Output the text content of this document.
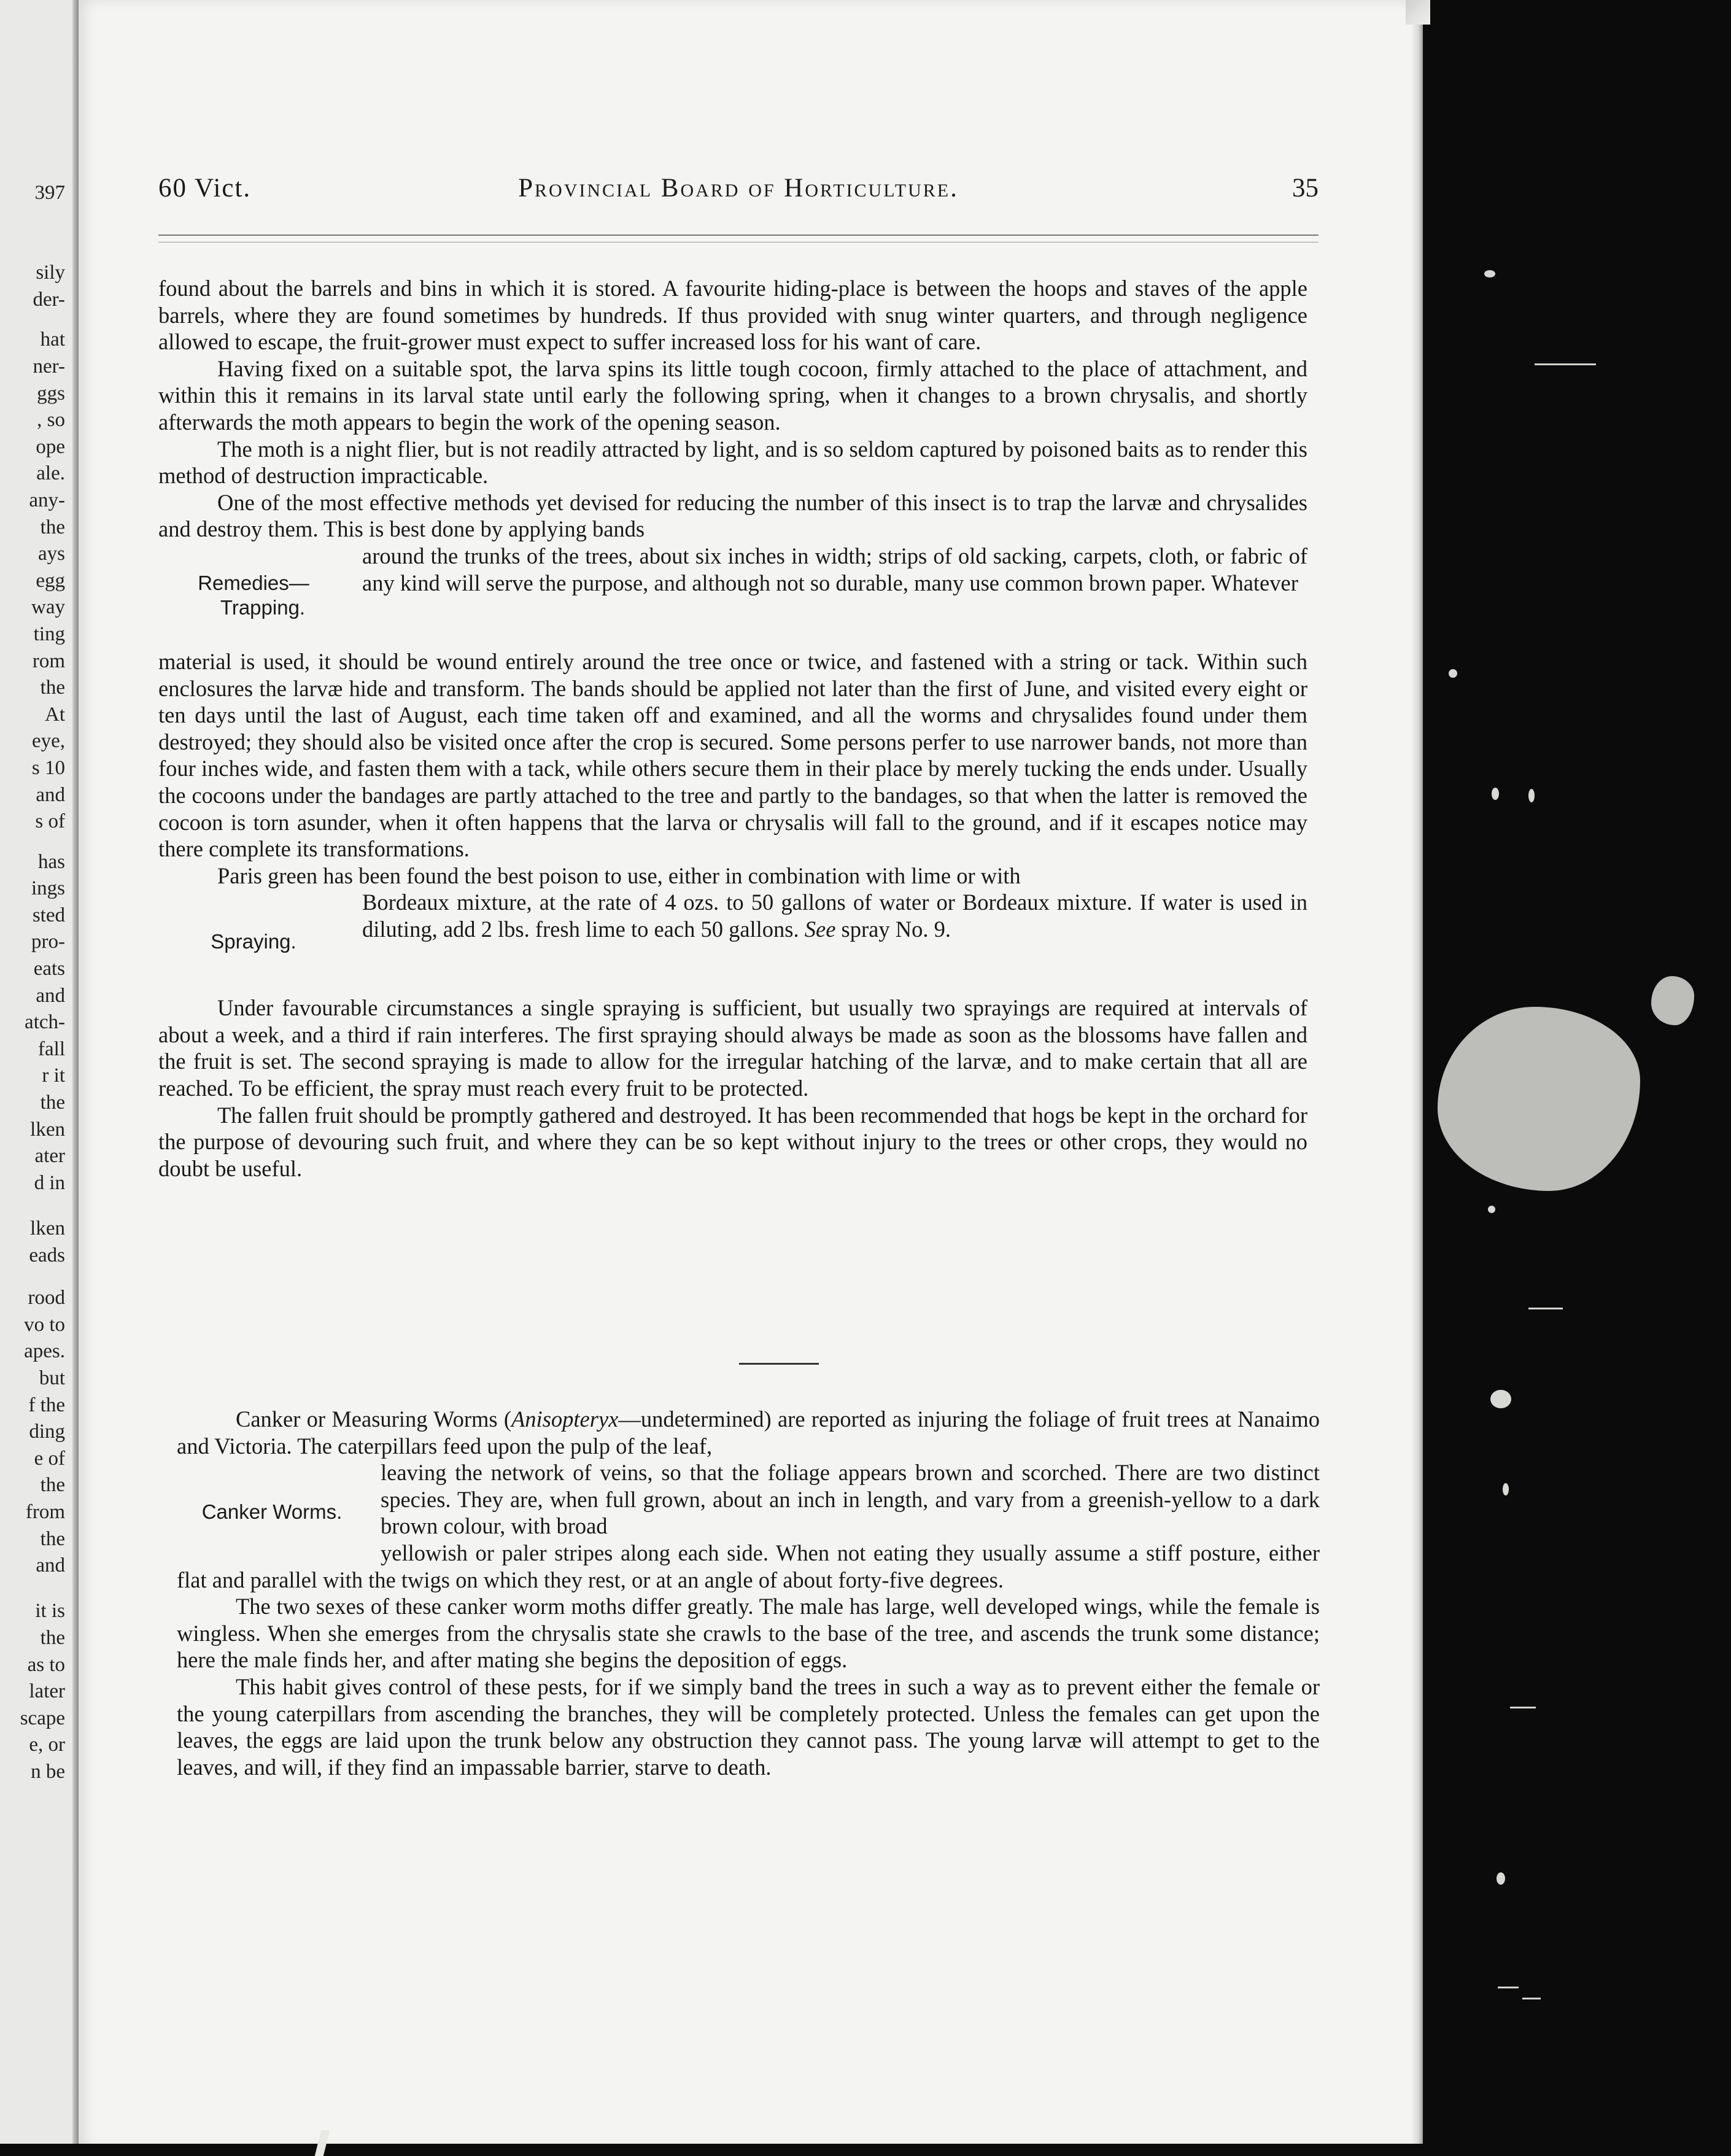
397
sily
der-
hat
ner-
ggs
, so
ope
ale.
any-
the
ays
egg
way
ting
rom
the
At
eye,
s 10
and
s of
has
ings
sted
pro-
eats
and
atch-
fall
r it
the
lken
ater
d in
lken
eads
rood
vo to
apes.
but
f the
ding
e of
the
from
the
and
it is
the
as to
later
scape
e, or
n be
60 Vict.	Provincial Board of Horticulture.	35

found about the barrels and bins in which it is stored. A favourite hiding-place is between the hoops and staves of the apple barrels, where they are found sometimes by hundreds. If thus provided with snug winter quarters, and through negligence allowed to escape, the fruit-grower must expect to suffer increased loss for his want of care.

Having fixed on a suitable spot, the larva spins its little tough cocoon, firmly attached to the place of attachment, and within this it remains in its larval state until early the following spring, when it changes to a brown chrysalis, and shortly afterwards the moth appears to begin the work of the opening season.

The moth is a night flier, but is not readily attracted by light, and is so seldom captured by poisoned baits as to render this method of destruction impracticable.

One of the most effective methods yet devised for reducing the number of this insect is to trap the larvæ and chrysalides and destroy them. This is best done by applying bands

Remedies—
Trapping.

around the trunks of the trees, about six inches in width; strips of old sacking, carpets, cloth, or fabric of any kind will serve the purpose, and although not so durable, many use common brown paper. Whatever

material is used, it should be wound entirely around the tree once or twice, and fastened with a string or tack. Within such enclosures the larvæ hide and transform. The bands should be applied not later than the first of June, and visited every eight or ten days until the last of August, each time taken off and examined, and all the worms and chrysalides found under them destroyed; they should also be visited once after the crop is secured. Some persons perfer to use narrower bands, not more than four inches wide, and fasten them with a tack, while others secure them in their place by merely tucking the ends under. Usually the cocoons under the bandages are partly attached to the tree and partly to the bandages, so that when the latter is removed the cocoon is torn asunder, when it often happens that the larva or chrysalis will fall to the ground, and if it escapes notice may there complete its transformations.

Paris green has been found the best poison to use, either in combination with lime or with

Spraying.

Bordeaux mixture, at the rate of 4 ozs. to 50 gallons of water or Bordeaux mixture. If water is used in diluting, add 2 lbs. fresh lime to each 50 gallons. See spray No. 9.

Under favourable circumstances a single spraying is sufficient, but usually two sprayings are required at intervals of about a week, and a third if rain interferes. The first spraying should always be made as soon as the blossoms have fallen and the fruit is set. The second spraying is made to allow for the irregular hatching of the larvæ, and to make certain that all are reached. To be efficient, the spray must reach every fruit to be protected.

The fallen fruit should be promptly gathered and destroyed. It has been recommended that hogs be kept in the orchard for the purpose of devouring such fruit, and where they can be so kept without injury to the trees or other crops, they would no doubt be useful.

Canker or Measuring Worms (Anisopteryx—undetermined) are reported as injuring the foliage of fruit trees at Nanaimo and Victoria. The caterpillars feed upon the pulp of the leaf,

Canker Worms.

leaving the network of veins, so that the foliage appears brown and scorched. There are two distinct species. They are, when full grown, about an inch in length, and vary from a greenish-yellow to a dark brown colour, with broad

yellowish or paler stripes along each side. When not eating they usually assume a stiff posture, either flat and parallel with the twigs on which they rest, or at an angle of about forty-five degrees.

The two sexes of these canker worm moths differ greatly. The male has large, well developed wings, while the female is wingless. When she emerges from the chrysalis state she crawls to the base of the tree, and ascends the trunk some distance; here the male finds her, and after mating she begins the deposition of eggs.

This habit gives control of these pests, for if we simply band the trees in such a way as to prevent either the female or the young caterpillars from ascending the branches, they will be completely protected. Unless the females can get upon the leaves, the eggs are laid upon the trunk below any obstruction they cannot pass. The young larvæ will attempt to get to the leaves, and will, if they find an impassable barrier, starve to death.
